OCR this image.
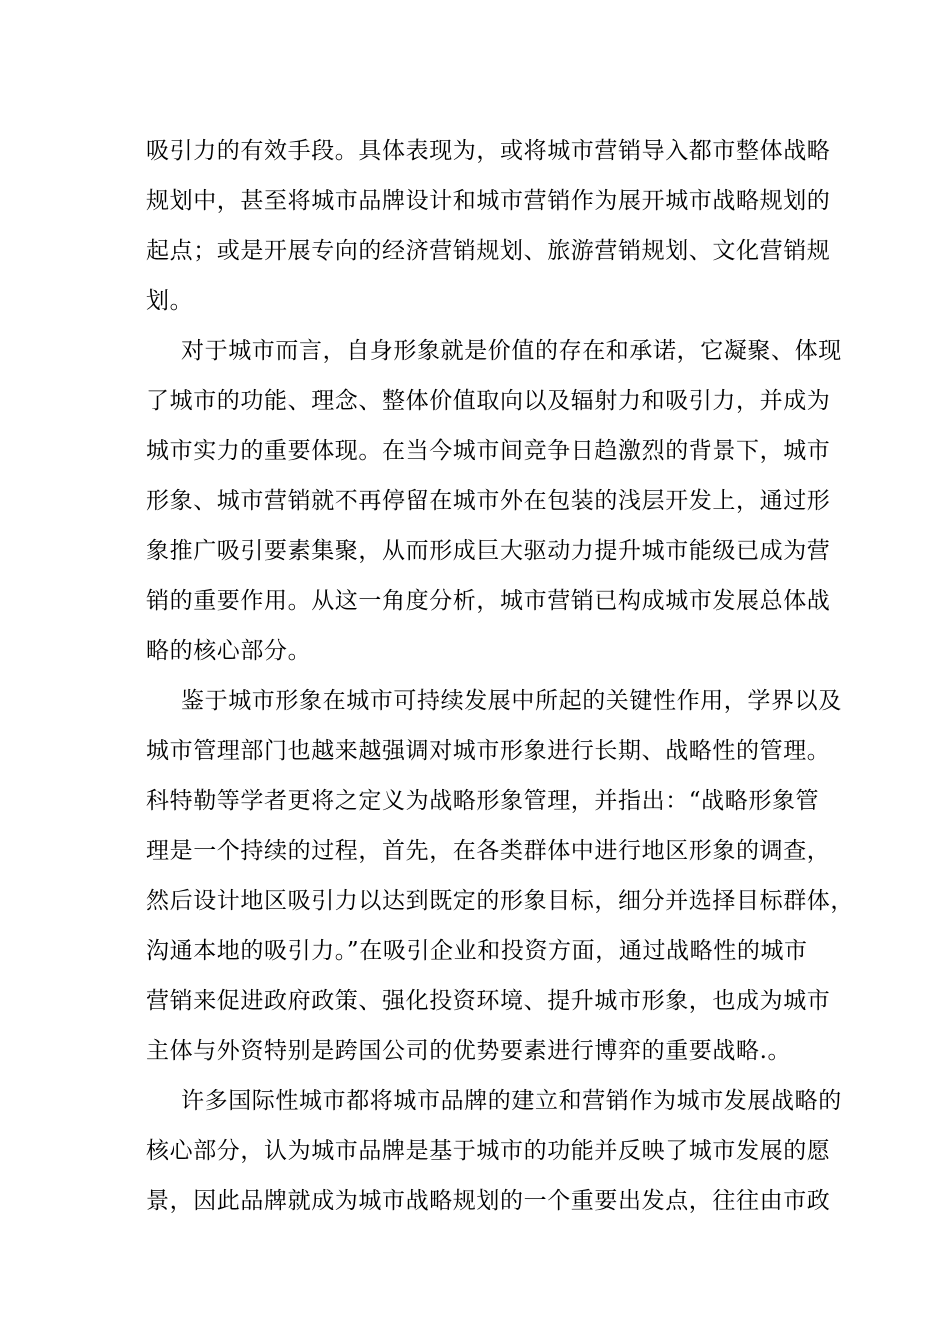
吸引力的有效手段。具体表现为，或将城市营销导入都市整体战略
规划中，甚至将城市品牌设计和城市营销作为展开城市战略规划的
起点；或是开展专向的经济营销规划、旅游营销规划、文化营销规
划。
对于城市而言，自身形象就是价值的存在和承诺，它凝聚、体现
了城市的功能、理念、整体价值取向以及辐射力和吸引力，并成为
城市实力的重要体现。在当今城市间竞争日趋激烈的背景下，城市
形象、城市营销就不再停留在城市外在包装的浅层开发上，通过形
象推广吸引要素集聚，从而形成巨大驱动力提升城市能级已成为营
销的重要作用。从这一角度分析，城市营销已构成城市发展总体战
略的核心部分。
鉴于城市形象在城市可持续发展中所起的关键性作用，学界以及
城市管理部门也越来越强调对城市形象进行长期、战略性的管理。
科特勒等学者更将之定义为战略形象管理，并指出：“战略形象管
理是一个持续的过程，首先，在各类群体中进行地区形象的调查，
然后设计地区吸引力以达到既定的形象目标，细分并选择目标群体，
沟通本地的吸引力。”在吸引企业和投资方面，通过战略性的城市
营销来促进政府政策、强化投资环境、提升城市形象，也成为城市
主体与外资特别是跨国公司的优势要素进行博弈的重要战略.。
许多国际性城市都将城市品牌的建立和营销作为城市发展战略的
核心部分，认为城市品牌是基于城市的功能并反映了城市发展的愿
景，因此品牌就成为城市战略规划的一个重要出发点，往往由市政
